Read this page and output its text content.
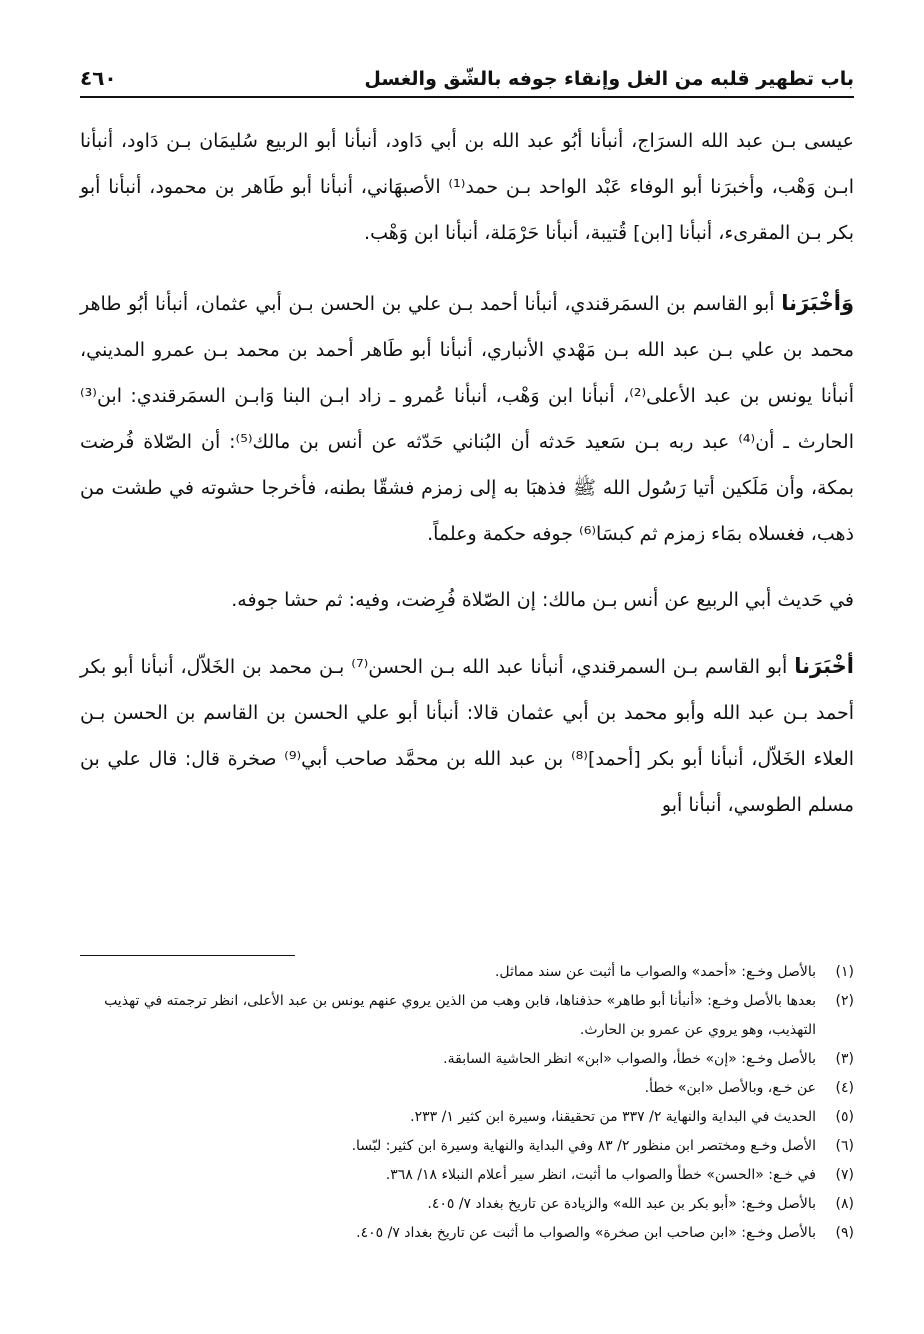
باب تطهير قلبه من الغل وإنقاء جوفه بالشّق والغسل
٤٦٠

عيسى بـن عبد الله السرَاج، أنبأنا أبُو عبد الله بن أبي دَاود، أنبأنا أبو الربيع سُليمَان بـن دَاود، أنبأنا ابـن وَهْب، وأخبرَنا أبو الوفاء عَبْد الواحد بـن حمد⁽¹⁾ الأصبهَاني، أنبأنا أبو طَاهر بن محمود، أنبأنا أبو بكر بـن المقرىء، أنبأنا [ابن] قُتيبة، أنبأنا حَرْمَلة، أنبأنا ابن وَهْب.

وَأخْبَرَنا أبو القاسم بن السمَرقندي، أنبأنا أحمد بـن علي بن الحسن بـن أبي عثمان، أنبأنا أبُو طاهر محمد بن علي بـن عبد الله بـن مَهْدي الأنباري، أنبأنا أبو طَاهر أحمد بن محمد بـن عمرو المديني، أنبأنا يونس بن عبد الأعلى⁽²⁾، أنبأنا ابن وَهْب، أنبأنا عُمرو ـ زاد ابـن البنا وَابـن السمَرقندي: ابن⁽³⁾ الحارث ـ أن⁽⁴⁾ عبد ربه بـن سَعيد حَدثه أن البُناني حَدّثه عن أنس بن مالك⁽⁵⁾: أن الصّلاة فُرضت بمكة، وأن مَلَكين أتيا رَسُول الله ﷺ فذهبَا به إلى زمزم فشقّا بطنه، فأخرجا حشوته في طشت من ذهب، فغسلاه بمَاء زمزم ثم كبسَا⁽⁶⁾ جوفه حكمة وعلماً.

في حَديث أبي الربيع عن أنس بـن مالك: إن الصّلاة فُرِضت، وفيه: ثم حشا جوفه.

أخْبَرَنا أبو القاسم بـن السمرقندي، أنبأنا عبد الله بـن الحسن⁽⁷⁾ بـن محمد بن الخَلاّل، أنبأنا أبو بكر أحمد بـن عبد الله وأبو محمد بن أبي عثمان قالا: أنبأنا أبو علي الحسن بن القاسم بن الحسن بـن العلاء الخَلاّل، أنبأنا أبو بكر [أحمد]⁽⁸⁾ بن عبد الله بن محمَّد صاحب أبي⁽⁹⁾ صخرة قال: قال علي بن مسلم الطوسي، أنبأنا أبو

(١)
بالأصل وخـع: «أحمد» والصواب ما أثبت عن سند مماثل.
(٢)
بعدها بالأصل وخـع: «أنبأنا أبو طاهر» حذفناها، فابن وهب من الذين يروي عنهم يونس بن عبد الأعلى، انظر ترجمته في تهذيب التهذيب، وهو يروي عن عمرو بن الحارث.
(٣)
بالأصل وخـع: «إن» خطأ، والصواب «ابن» انظر الحاشية السابقة.
(٤)
عن خـع، وبالأصل «ابن» خطأ.
(٥)
الحديث في البداية والنهاية ٢/ ٣٣٧ من تحقيقنا، وسيرة ابن كثير ١/ ٢٣٣.
(٦)
الأصل وخـع ومختصر ابن منظور ٢/ ٨٣ وفي البداية والنهاية وسيرة ابن كثير: لبّسا.
(٧)
في خـع: «الحسن» خطأ والصواب ما أثبت، انظر سير أعلام النبلاء ١٨/ ٣٦٨.
(٨)
بالأصل وخـع: «أبو بكر بن عبد الله» والزيادة عن تاريخ بغداد ٧/ ٤٠٥.
(٩)
بالأصل وخـع: «ابن صاحب ابن صخرة» والصواب ما أثبت عن تاريخ بغداد ٧/ ٤٠٥.
